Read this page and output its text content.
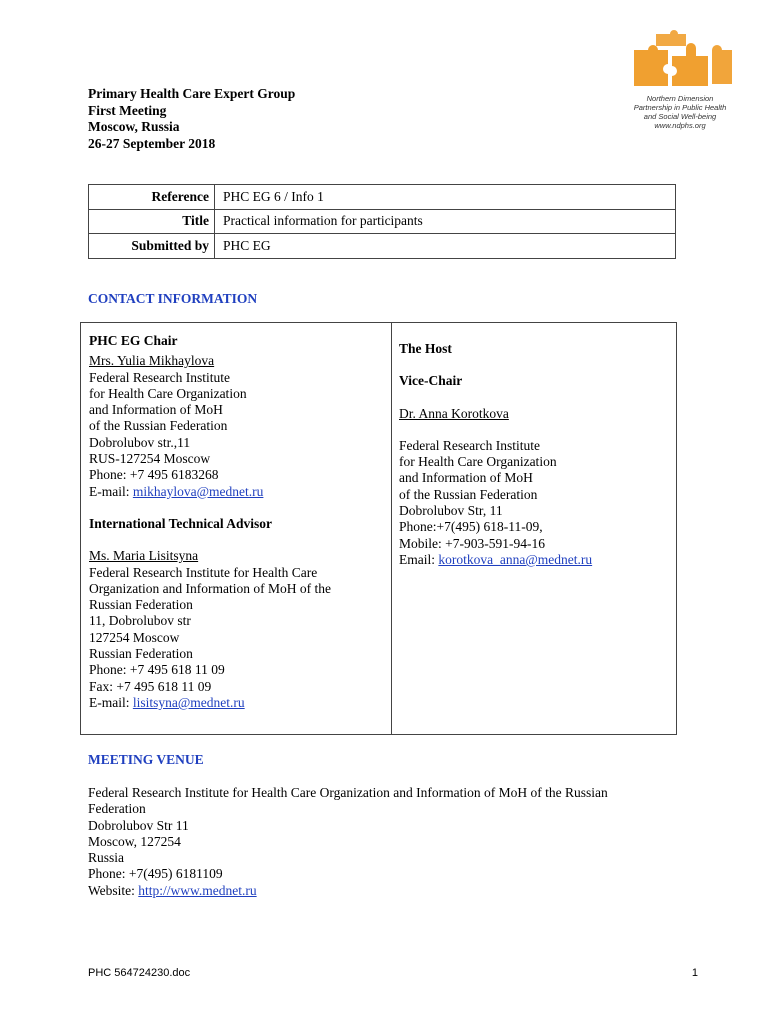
Primary Health Care Expert Group
First Meeting
Moscow, Russia
26-27 September 2018
Northern Dimension
Partnership in Public Health
and Social Well-being
www.ndphs.org
Reference	PHC EG 6 / Info 1
Title	Practical information for participants
Submitted by	PHC EG
CONTACT INFORMATION
PHC EG Chair
Mrs. Yulia Mikhaylova
Federal Research Institute
for Health Care Organization
and Information of MoH
of the Russian Federation
Dobrolubov str.,11
RUS-127254 Moscow
Phone: +7 495 6183268
E-mail: mikhaylova@mednet.ru
International Technical Advisor
Ms. Maria Lisitsyna
Federal Research Institute for Health Care
Organization and Information of MoH of the
Russian Federation
11, Dobrolubov str
127254 Moscow
Russian Federation
Phone: +7 495 618 11 09
Fax: +7 495 618 11 09
E-mail: lisitsyna@mednet.ru
The Host
Vice-Chair
Dr. Anna Korotkova
Federal Research Institute
for Health Care Organization
and Information of MoH
of the Russian Federation
Dobrolubov Str, 11
Phone:+7(495) 618-11-09,
Mobile: +7-903-591-94-16
Email: korotkova_anna@mednet.ru
MEETING VENUE
Federal Research Institute for Health Care Organization and Information of MoH of the Russian
Federation
Dobrolubov Str 11
Moscow, 127254
Russia
Phone: +7(495) 6181109
Website: http://www.mednet.ru
PHC 564724230.doc	1
